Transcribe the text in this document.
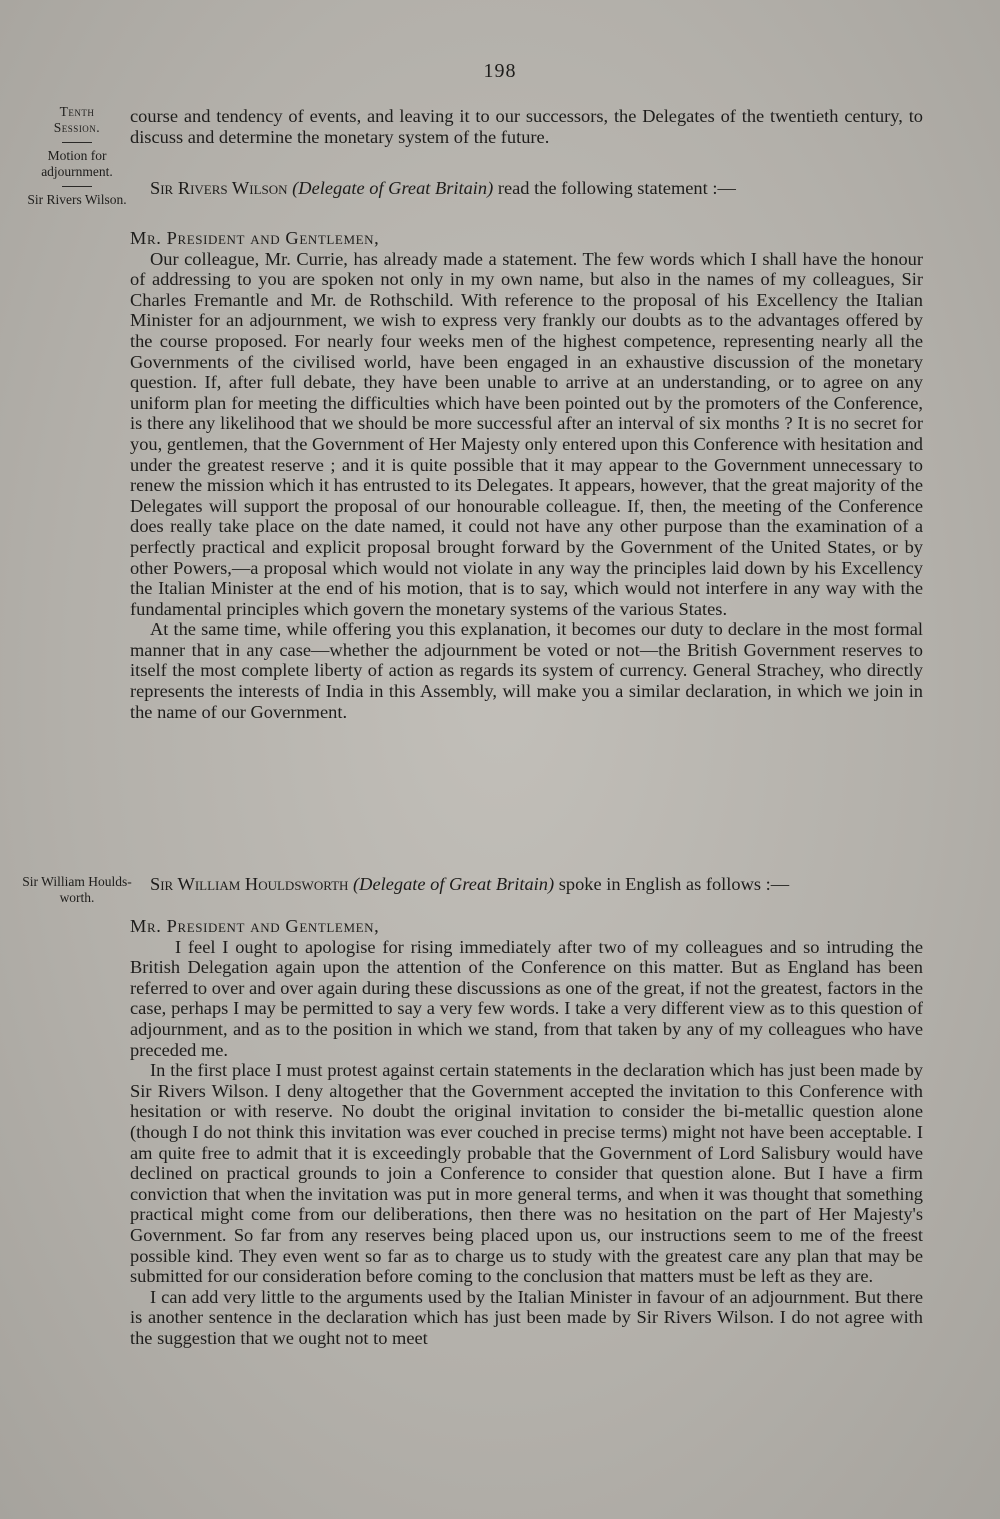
198
Tenth
Session.
Motion for adjournment.
Sir Rivers Wilson.
Sir William Houlds-worth.

course and tendency of events, and leaving it to our successors, the Delegates of the twentieth century, to discuss and determine the monetary system of the future.

Sir Rivers Wilson (Delegate of Great Britain) read the following statement :—

Mr. President and Gentlemen,

Our colleague, Mr. Currie, has already made a statement. The few words which I shall have the honour of addressing to you are spoken not only in my own name, but also in the names of my colleagues, Sir Charles Fremantle and Mr. de Rothschild. With reference to the proposal of his Excellency the Italian Minister for an adjournment, we wish to express very frankly our doubts as to the advantages offered by the course proposed. For nearly four weeks men of the highest competence, representing nearly all the Governments of the civilised world, have been engaged in an exhaustive discussion of the monetary question. If, after full debate, they have been unable to arrive at an understanding, or to agree on any uniform plan for meeting the difficulties which have been pointed out by the promoters of the Conference, is there any likelihood that we should be more successful after an interval of six months ? It is no secret for you, gentlemen, that the Government of Her Majesty only entered upon this Conference with hesitation and under the greatest reserve ; and it is quite possible that it may appear to the Government unnecessary to renew the mission which it has entrusted to its Delegates. It appears, however, that the great majority of the Delegates will support the proposal of our honourable colleague. If, then, the meeting of the Conference does really take place on the date named, it could not have any other purpose than the examination of a perfectly practical and explicit proposal brought forward by the Government of the United States, or by other Powers,—a proposal which would not violate in any way the principles laid down by his Excellency the Italian Minister at the end of his motion, that is to say, which would not interfere in any way with the fundamental principles which govern the monetary systems of the various States.

At the same time, while offering you this explanation, it becomes our duty to declare in the most formal manner that in any case—whether the adjournment be voted or not—the British Government reserves to itself the most complete liberty of action as regards its system of currency. General Strachey, who directly represents the interests of India in this Assembly, will make you a similar declaration, in which we join in the name of our Government.

Sir William Houldsworth (Delegate of Great Britain) spoke in English as follows :—

Mr. President and Gentlemen,

I feel I ought to apologise for rising immediately after two of my colleagues and so intruding the British Delegation again upon the attention of the Conference on this matter. But as England has been referred to over and over again during these discussions as one of the great, if not the greatest, factors in the case, perhaps I may be permitted to say a very few words. I take a very different view as to this question of adjournment, and as to the position in which we stand, from that taken by any of my colleagues who have preceded me.

In the first place I must protest against certain statements in the declaration which has just been made by Sir Rivers Wilson. I deny altogether that the Government accepted the invitation to this Conference with hesitation or with reserve. No doubt the original invitation to consider the bi-metallic question alone (though I do not think this invitation was ever couched in precise terms) might not have been acceptable. I am quite free to admit that it is exceedingly probable that the Government of Lord Salisbury would have declined on practical grounds to join a Conference to consider that question alone. But I have a firm conviction that when the invitation was put in more general terms, and when it was thought that something practical might come from our deliberations, then there was no hesitation on the part of Her Majesty's Government. So far from any reserves being placed upon us, our instructions seem to me of the freest possible kind. They even went so far as to charge us to study with the greatest care any plan that may be submitted for our consideration before coming to the conclusion that matters must be left as they are.

I can add very little to the arguments used by the Italian Minister in favour of an adjournment. But there is another sentence in the declaration which has just been made by Sir Rivers Wilson. I do not agree with the suggestion that we ought not to meet
